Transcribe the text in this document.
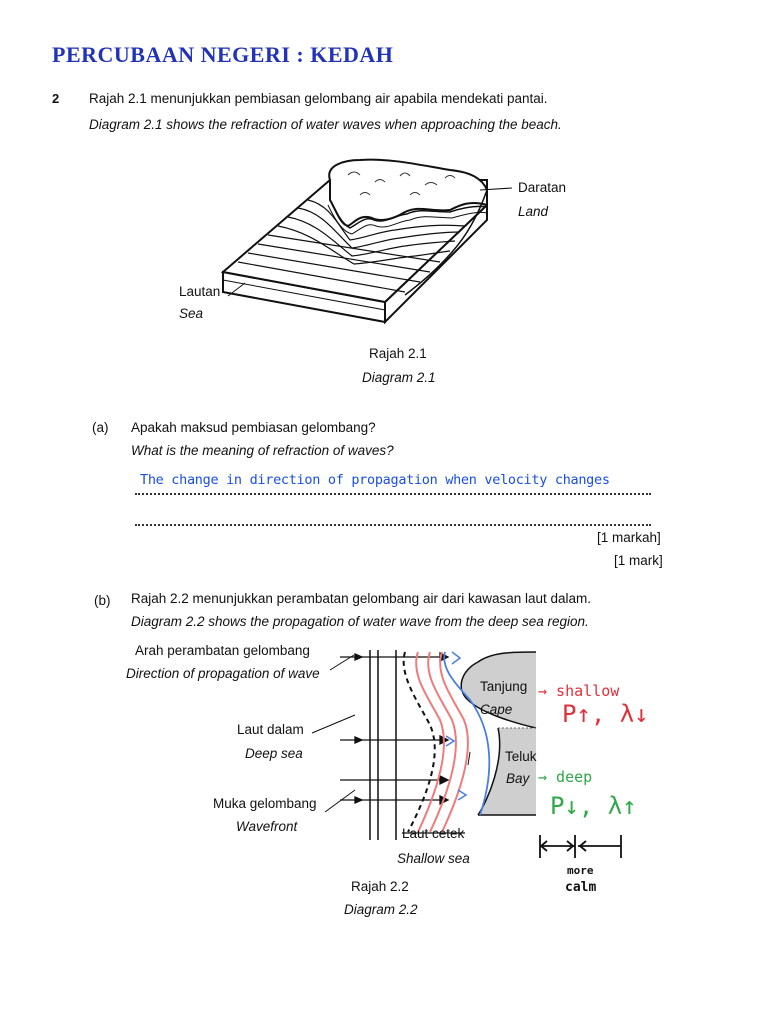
PERCUBAAN NEGERI : KEDAH
2 Rajah 2.1 menunjukkan pembiasan gelombang air apabila mendekati pantai.
Diagram 2.1 shows the refraction of water waves when approaching the beach.
Daratan
Land
Lautan
Sea
Rajah 2.1
Diagram 2.1
(a) Apakah maksud pembiasan gelombang?
What is the meaning of refraction of waves?
The change in direction of propagation when velocity changes
[1 markah]
[1 mark]
(b) Rajah 2.2 menunjukkan perambatan gelombang air dari kawasan laut dalam.
Diagram 2.2 shows the propagation of water wave from the deep sea region.
Arah perambatan gelombang
Direction of propagation of wave
Laut dalam
Deep sea
Muka gelombang
Wavefront
Tanjung
Cape
Teluk
Bay
Laut cetek
Shallow sea
Rajah 2.2
Diagram 2.2
→ shallow
P↑, λ↓
→ deep
P↓, λ↑
more
calm
